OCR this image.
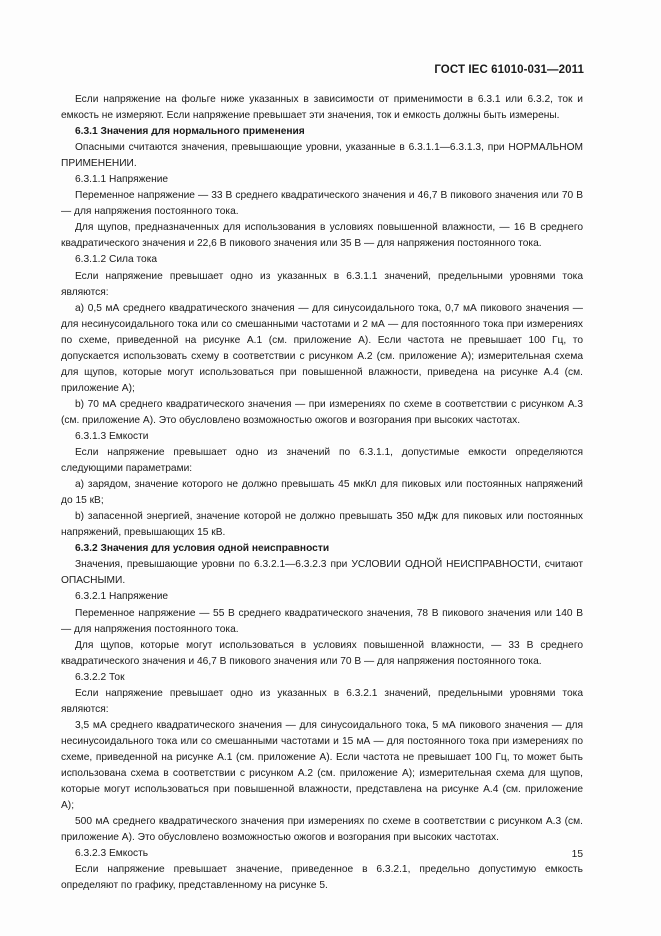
ГОСТ IEC 61010-031—2011

Если напряжение на фольге ниже указанных в зависимости от применимости в 6.3.1 или 6.3.2, ток и емкость не измеряют. Если напряжение превышает эти значения, ток и емкость должны быть измерены.

6.3.1 Значения для нормального применения

Опасными считаются значения, превышающие уровни, указанные в 6.3.1.1—6.3.1.3, при НОРМАЛЬНОМ ПРИМЕНЕНИИ.

6.3.1.1 Напряжение

Переменное напряжение — 33 В среднего квадратического значения и 46,7 В пикового значения или 70 В — для напряжения постоянного тока.

Для щупов, предназначенных для использования в условиях повышенной влажности, — 16 В среднего квадратического значения и 22,6 В пикового значения или 35 В — для напряжения постоянного тока.

6.3.1.2 Сила тока

Если напряжение превышает одно из указанных в 6.3.1.1 значений, предельными уровнями тока являются:

a) 0,5 мА среднего квадратического значения — для синусоидального тока, 0,7 мА пикового значения — для несинусоидального тока или со смешанными частотами и 2 мА — для постоянного тока при измерениях по схеме, приведенной на рисунке А.1 (см. приложение А). Если частота не превышает 100 Гц, то допускается использовать схему в соответствии с рисунком А.2 (см. приложение А); измерительная схема для щупов, которые могут использоваться при повышенной влажности, приведена на рисунке А.4 (см. приложение А);

b) 70 мА среднего квадратического значения — при измерениях по схеме в соответствии с рисунком А.3 (см. приложение А). Это обусловлено возможностью ожогов и возгорания при высоких частотах.

6.3.1.3 Емкости

Если напряжение превышает одно из значений по 6.3.1.1, допустимые емкости определяются следующими параметрами:

a) зарядом, значение которого не должно превышать 45 мкКл для пиковых или постоянных напряжений до 15 кВ;

b) запасенной энергией, значение которой не должно превышать 350 мДж для пиковых или постоянных напряжений, превышающих 15 кВ.

6.3.2 Значения для условия одной неисправности

Значения, превышающие уровни по 6.3.2.1—6.3.2.3 при УСЛОВИИ ОДНОЙ НЕИСПРАВНОСТИ, считают ОПАСНЫМИ.

6.3.2.1 Напряжение

Переменное напряжение — 55 В среднего квадратического значения, 78 В пикового значения или 140 В — для напряжения постоянного тока.

Для щупов, которые могут использоваться в условиях повышенной влажности, — 33 В среднего квадратического значения и 46,7 В пикового значения или 70 В — для напряжения постоянного тока.

6.3.2.2 Ток

Если напряжение превышает одно из указанных в 6.3.2.1 значений, предельными уровнями тока являются:

3,5 мА среднего квадратического значения — для синусоидального тока, 5 мА пикового значения — для несинусоидального тока или со смешанными частотами и 15 мА — для постоянного тока при измерениях по схеме, приведенной на рисунке А.1 (см. приложение А). Если частота не превышает 100 Гц, то может быть использована схема в соответствии с рисунком А.2 (см. приложение А); измерительная схема для щупов, которые могут использоваться при повышенной влажности, представлена на рисунке А.4 (см. приложение А);

500 мА среднего квадратического значения при измерениях по схеме в соответствии с рисунком А.3 (см. приложение А). Это обусловлено возможностью ожогов и возгорания при высоких частотах.

6.3.2.3 Емкость

Если напряжение превышает значение, приведенное в 6.3.2.1, предельно допустимую емкость определяют по графику, представленному на рисунке 5.

15
